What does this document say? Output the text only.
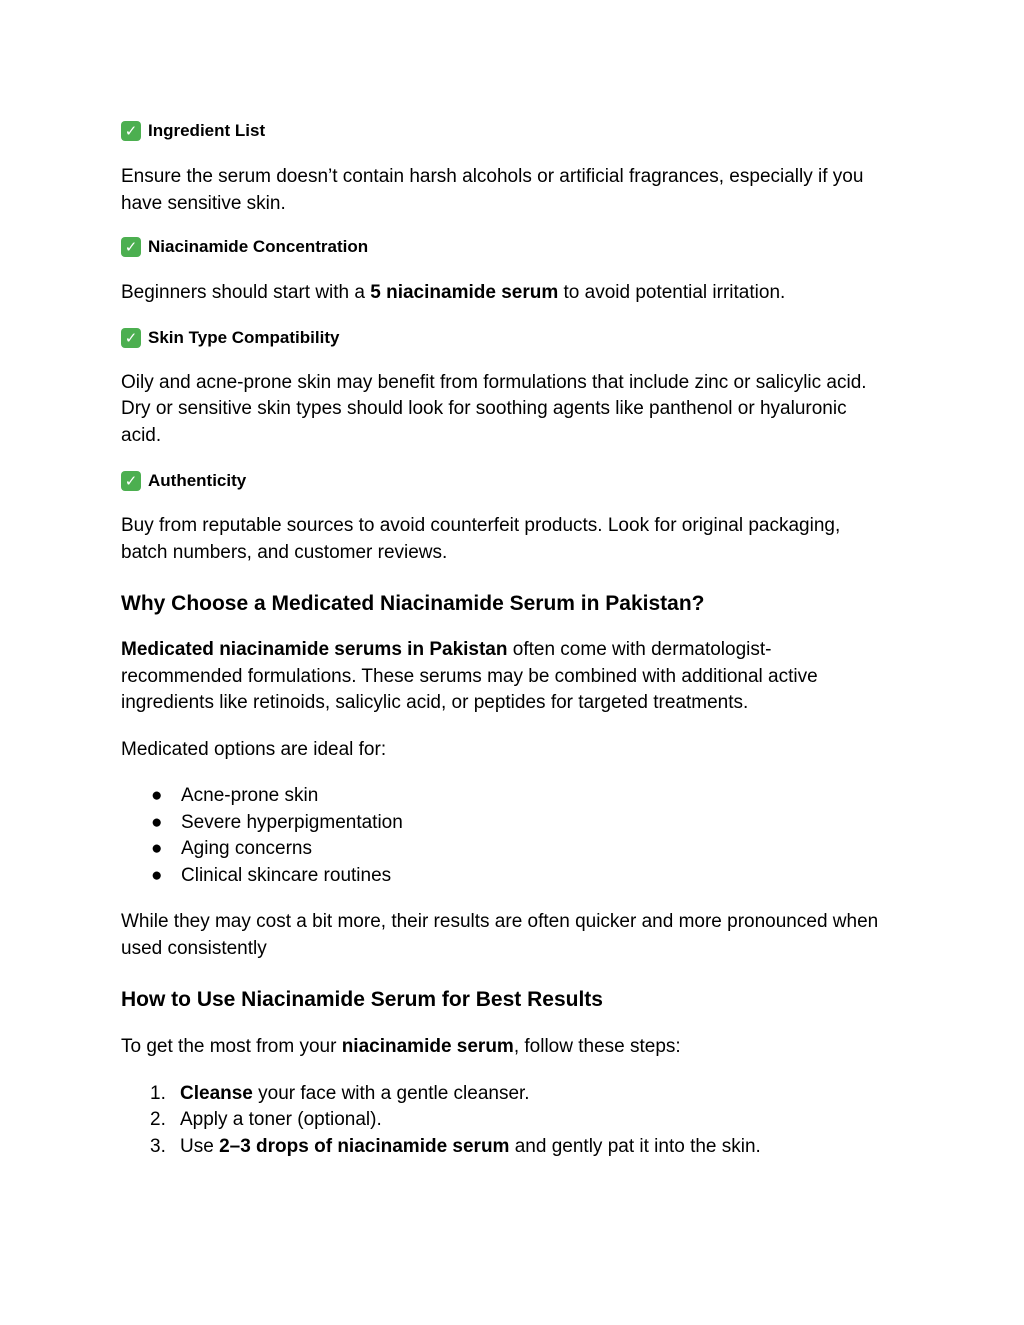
✓ Ingredient List

Ensure the serum doesn’t contain harsh alcohols or artificial fragrances, especially if you have sensitive skin.

✓ Niacinamide Concentration

Beginners should start with a 5 niacinamide serum to avoid potential irritation.

✓ Skin Type Compatibility

Oily and acne-prone skin may benefit from formulations that include zinc or salicylic acid. Dry or sensitive skin types should look for soothing agents like panthenol or hyaluronic acid.

✓ Authenticity

Buy from reputable sources to avoid counterfeit products. Look for original packaging, batch numbers, and customer reviews.

Why Choose a Medicated Niacinamide Serum in Pakistan?

Medicated niacinamide serums in Pakistan often come with dermatologist-recommended formulations. These serums may be combined with additional active ingredients like retinoids, salicylic acid, or peptides for targeted treatments.

Medicated options are ideal for:

● Acne-prone skin
● Severe hyperpigmentation
● Aging concerns
● Clinical skincare routines

While they may cost a bit more, their results are often quicker and more pronounced when used consistently

How to Use Niacinamide Serum for Best Results

To get the most from your niacinamide serum, follow these steps:

1. Cleanse your face with a gentle cleanser.
2. Apply a toner (optional).
3. Use 2–3 drops of niacinamide serum and gently pat it into the skin.
